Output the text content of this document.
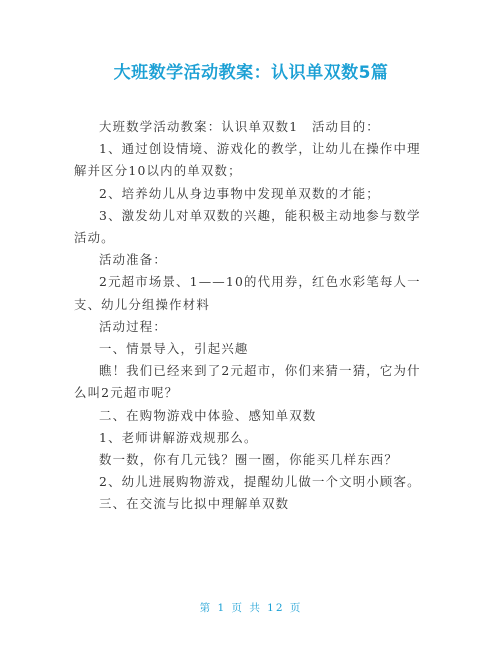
大班数学活动教案：认识单双数5篇

大班数学活动教案：认识单双数1　活动目的：

1、通过创设情境、游戏化的教学，让幼儿在操作中理解并区分10以内的单双数；

2、培养幼儿从身边事物中发现单双数的才能；

3、激发幼儿对单双数的兴趣，能积极主动地参与数学活动。

活动准备：

2元超市场景、1——10的代用券，红色水彩笔每人一支、幼儿分组操作材料

活动过程：

一、情景导入，引起兴趣

瞧！我们已经来到了2元超市，你们来猜一猜，它为什么叫2元超市呢？

二、在购物游戏中体验、感知单双数

1、老师讲解游戏规那么。

数一数，你有几元钱？圈一圈，你能买几样东西？

2、幼儿进展购物游戏，提醒幼儿做一个文明小顾客。

三、在交流与比拟中理解单双数

第 1 页 共 12 页
